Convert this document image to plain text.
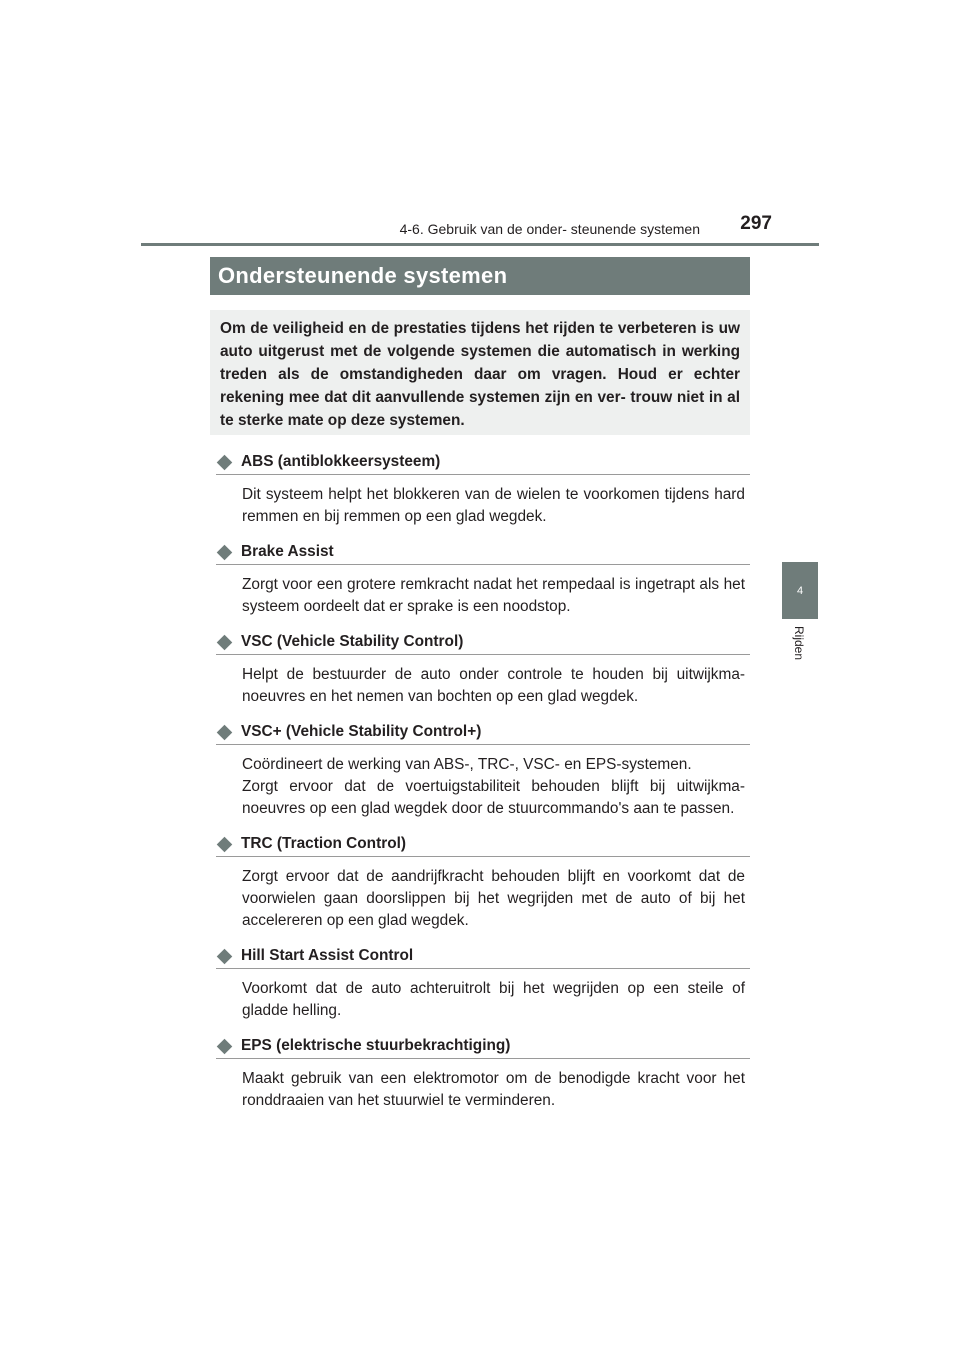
4-6. Gebruik van de onder- steunende systemen	297
4
Rijden
Ondersteunende systemen
Om de veiligheid en de prestaties tijdens het rijden te verbeteren is uw auto uitgerust met de volgende systemen die automatisch in werking treden als de omstandigheden daar om vragen. Houd er echter rekening mee dat dit aanvullende systemen zijn en ver- trouw niet in al te sterke mate op deze systemen.
ABS (antiblokkeersysteem)

Dit systeem helpt het blokkeren van de wielen te voorkomen tijdens hard remmen en bij remmen op een glad wegdek.

Brake Assist

Zorgt voor een grotere remkracht nadat het rempedaal is ingetrapt als het systeem oordeelt dat er sprake is een noodstop.

VSC (Vehicle Stability Control)

Helpt de bestuurder de auto onder controle te houden bij uitwijkma- noeuvres en het nemen van bochten op een glad wegdek.

VSC+ (Vehicle Stability Control+)

Coördineert de werking van ABS-, TRC-, VSC- en EPS-systemen.

Zorgt ervoor dat de voertuigstabiliteit behouden blijft bij uitwijkma- noeuvres op een glad wegdek door de stuurcommando's aan te passen.

TRC (Traction Control)

Zorgt ervoor dat de aandrijfkracht behouden blijft en voorkomt dat de voorwielen gaan doorslippen bij het wegrijden met de auto of bij het accelereren op een glad wegdek.

Hill Start Assist Control

Voorkomt dat de auto achteruitrolt bij het wegrijden op een steile of gladde helling.

EPS (elektrische stuurbekrachtiging)

Maakt gebruik van een elektromotor om de benodigde kracht voor het ronddraaien van het stuurwiel te verminderen.
